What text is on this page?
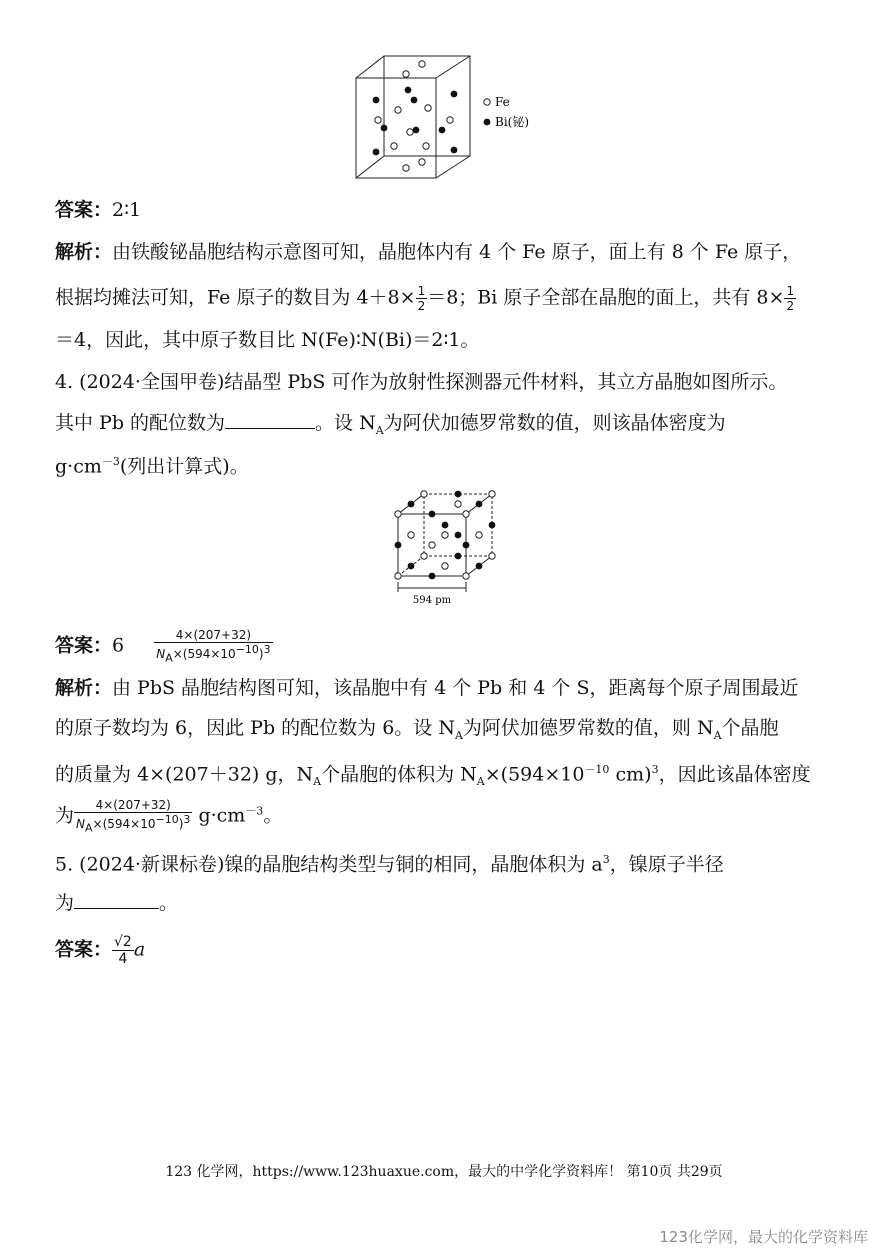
Fe
Bi(铋)
答案：2∶1
解析：由铁酸铋晶胞结构示意图可知，晶胞体内有 4 个 Fe 原子，面上有 8 个 Fe 原子，
根据均摊法可知，Fe 原子的数目为 $4+8\times \frac{1}{2} =8$；Bi 原子全部在晶胞的面上，共有 $8\times \frac{1}{2}$
＝4，因此，其中原子数目比 N(Fe)∶N(Bi)＝2∶1。
4. (2024·全国甲卷)结晶型 PbS 可作为放射性探测器元件材料，其立方晶胞如图所示。
其中 Pb 的配位数为	。设 $N_A$为阿伏加德罗常数的值，则该晶体密度为
$g\cdot cm^{-3}$(列出计算式)。
594 pm
答案：6	$\frac{4\times(207+32)}{N_A\times(594\times 10^{-10})^3}$
解析：由 PbS 晶胞结构图可知，该晶胞中有 4 个 Pb 和 4 个 S，距离每个原子周围最近
的原子数均为 6，因此 Pb 的配位数为 6。设 $N_A$为阿伏加德罗常数的值，则 $N_A$个晶胞
的质量为 4×(207＋32) g，$N_A$个晶胞的体积为 $N_A\times(594\times 10^{-10}$ cm)$^3$，因此该晶体密度
为 $\frac{4\times(207+32)}{N_A\times(594\times 10^{-10})^3} g\cdot cm^{-3}$。
5. (2024·新课标卷)镍的晶胞结构类型与铜的相同，晶胞体积为 $a^3$，镍原子半径
为	。
答案： $\frac{√2}{4}$ a
123 化学网，https://www.123huaxue.com，最大的中学化学资料库！ 第10页 共29页
123化学网，最大的化学资料库
